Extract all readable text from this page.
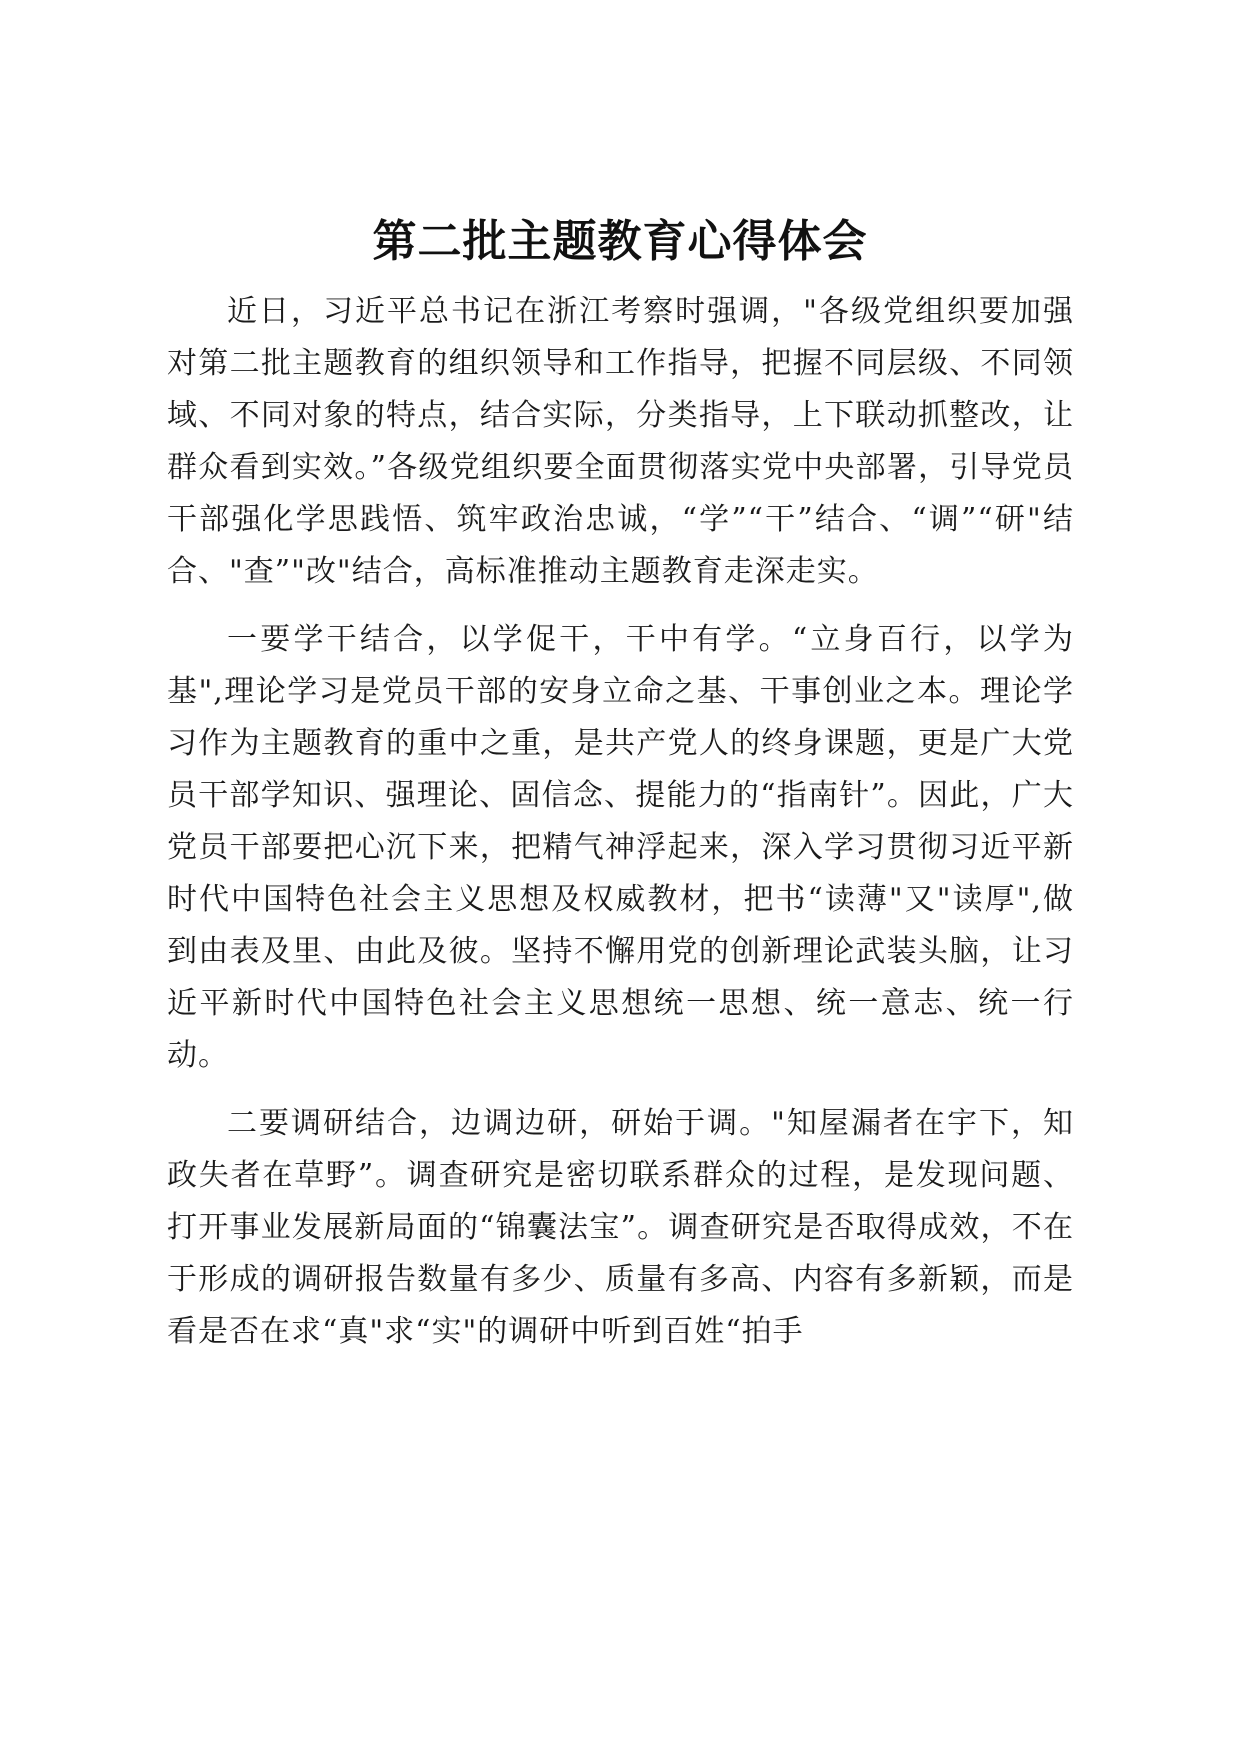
第二批主题教育心得体会

近日，习近平总书记在浙江考察时强调，"各级党组织要加强对第二批主题教育的组织领导和工作指导，把握不同层级、不同领域、不同对象的特点，结合实际，分类指导，上下联动抓整改，让群众看到实效。”各级党组织要全面贯彻落实党中央部署，引导党员干部强化学思践悟、筑牢政治忠诚，“学”“干”结合、“调”“研"结合、"查”"改"结合，高标准推动主题教育走深走实。

一要学干结合，以学促干，干中有学。“立身百行，以学为基",理论学习是党员干部的安身立命之基、干事创业之本。理论学习作为主题教育的重中之重，是共产党人的终身课题，更是广大党员干部学知识、强理论、固信念、提能力的“指南针”。因此，广大党员干部要把心沉下来，把精气神浮起来，深入学习贯彻习近平新时代中国特色社会主义思想及权威教材，把书“读薄"又"读厚",做到由表及里、由此及彼。坚持不懈用党的创新理论武装头脑，让习近平新时代中国特色社会主义思想统一思想、统一意志、统一行动。

二要调研结合，边调边研，研始于调。"知屋漏者在宇下，知政失者在草野”。调查研究是密切联系群众的过程，是发现问题、打开事业发展新局面的“锦囊法宝”。调查研究是否取得成效，不在于形成的调研报告数量有多少、质量有多高、内容有多新颖，而是看是否在求“真"求“实"的调研中听到百姓“拍手
